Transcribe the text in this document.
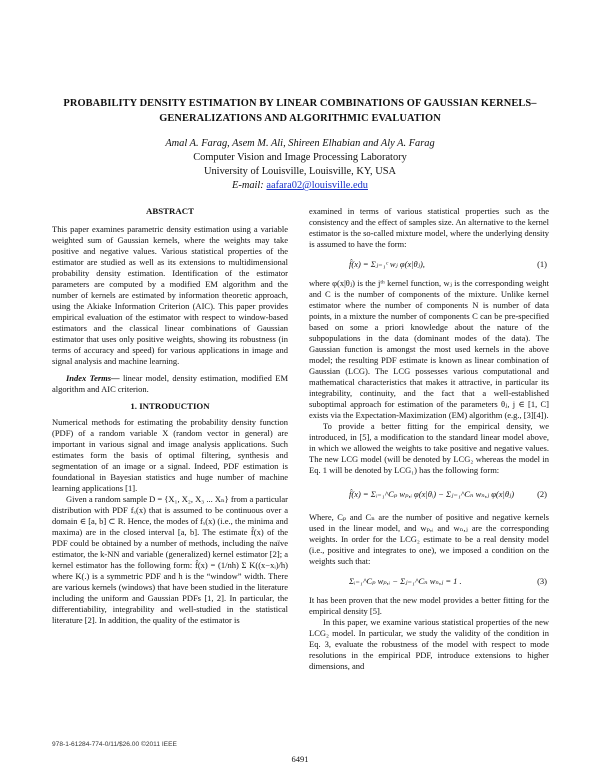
PROBABILITY DENSITY ESTIMATION BY LINEAR COMBINATIONS OF GAUSSIAN KERNELS– GENERALIZATIONS AND ALGORITHMIC EVALUATION
Amal A. Farag, Asem M. Ali, Shireen Elhabian and Aly A. Farag
Computer Vision and Image Processing Laboratory
University of Louisville, Louisville, KY, USA
E-mail: aafara02@louisville.edu
ABSTRACT

This paper examines parametric density estimation using a variable weighted sum of Gaussian kernels, where the weights may take positive and negative values. Various statistical properties of the estimator are studied as well as its extensions to multidimensional probability density estimation. Identification of the estimator parameters are computed by a modified EM algorithm and the number of kernels are estimated by information theoretic approach, using the Akiake Information Criterion (AIC). This paper provides empirical evaluation of the estimator with respect to window-based estimators and the classical linear combinations of Gaussian estimator that uses only positive weights, showing its robustness (in terms of accuracy and speed) for various applications in image and signal analysis and machine learning.

Index Terms— linear model, density estimation, modified EM algorithm and AIC criterion.

1. INTRODUCTION

Numerical methods for estimating the probability density function (PDF) of a random variable X (random vector in general) are important in various signal and image analysis applications. Such estimates form the basis of optimal filtering, synthesis and segmentation of an image or a signal. Indeed, PDF estimation is foundational in Bayesian statistics and huge number of machine learning applications [1].

Given a random sample D = {X₁, X₂, X₃ ... Xₙ} from a particular distribution with PDF fₓ(x) that is assumed to be continuous over a domain ∈ [a, b] ⊂ R. Hence, the modes of fₓ(x) (i.e., the minima and maxima) are in the closed interval [a, b]. The estimate f̂(x) of the PDF could be obtained by a number of methods, including the naïve estimator, the k-NN and variable (generalized) kernel estimator [2]; a kernel estimator has the following form: f̂(x) = (1/nh) Σ K((x−xᵢ)/h) where K(.) is a symmetric PDF and h is the “window” width. There are various kernels (windows) that have been studied in the literature including the uniform and Gaussian PDFs [1, 2]. In particular, the differentiability, integrability and well-studied in the statistical literature [2]. In addition, the quality of the estimator is

examined in terms of various statistical properties such as the consistency and the effect of samples size. An alternative to the kernel estimator is the so-called mixture model, where the underlying density is assumed to have the form:

f̂(x) = Σⱼ₌₁ᶜ wⱼ φ(x|θⱼ),	(1)

where φ(x|θⱼ) is the jᵗʰ kernel function, wⱼ is the corresponding weight and C is the number of components of the mixture. Unlike kernel estimator where the number of components N is number of data points, in a mixture the number of components C can be pre-specified based on some a priori knowledge about the nature of the subpopulations in the data (dominant modes of the data). The Gaussian function is amongst the most used kernels in the above model; the resulting PDF estimate is known as linear combination of Gaussian (LCG). The LCG possesses various computational and mathematical characteristics that makes it attractive, in particular its integrability, continuity, and the fact that a well-established suboptimal approach for estimation of the parameters θⱼ, j ∈ [1, C] exists via the Expectation-Maximization (EM) algorithm (e.g., [3][4]).

To provide a better fitting for the empirical density, we introduced, in [5], a modification to the standard linear model above, in which we allowed the weights to take positive and negative values. The new LCG model (will be denoted by LCG₂ whereas the model in Eq. 1 will be denoted by LCG₁) has the following form:

f̂(x) = Σᵢ₌₁^Cₚ wₚ,ᵢ φ(x|θᵢ) − Σⱼ₌₁^Cₙ wₙ,ⱼ φ(x|θⱼ)	(2)

Where, Cₚ and Cₙ are the number of positive and negative kernels used in the linear model, and wₚ,ᵢ and wₙ,ⱼ are the corresponding weights. In order for the LCG₂ estimate to be a real density model (i.e., positive and integrates to one), we imposed a condition on the weights such that:

Σᵢ₌₁^Cₚ wₚ,ᵢ − Σⱼ₌₁^Cₙ wₙ,ⱼ = 1 .	(3)

It has been proven that the new model provides a better fitting for the empirical density [5].

In this paper, we examine various statistical properties of the new LCG₂ model. In particular, we study the validity of the condition in Eq. 3, evaluate the robustness of the model with respect to mode resolutions in the empirical PDF, introduce extensions to higher dimensions, and

978-1-61284-774-0/11/$26.00 ©2011 IEEE
6491
